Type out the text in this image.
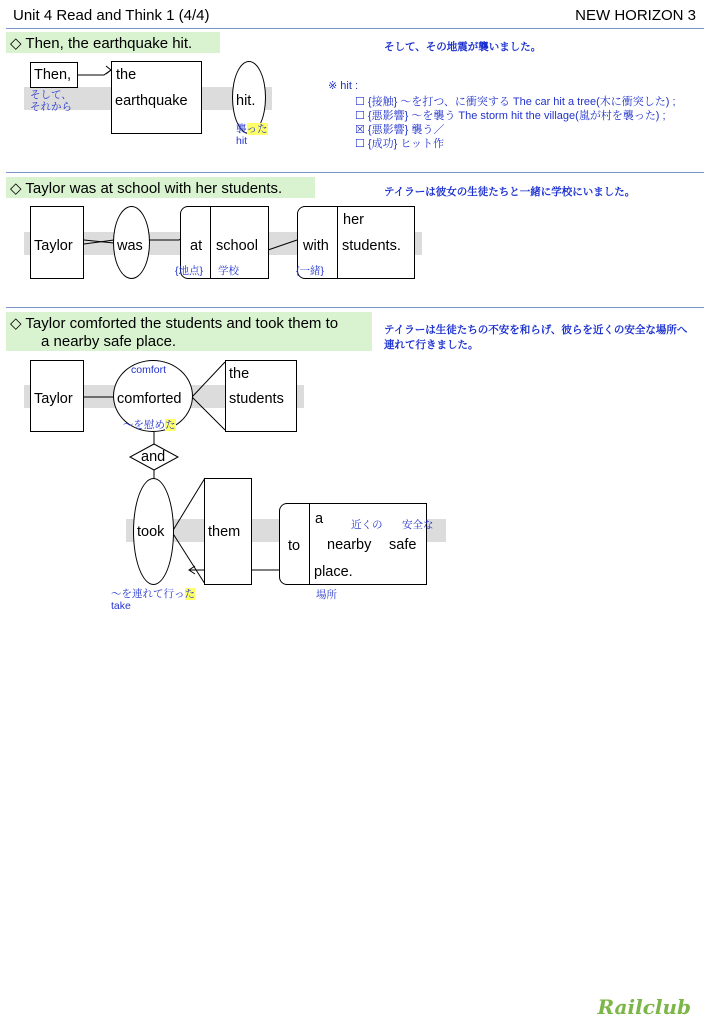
Unit 4 Read and Think 1 (4/4)	NEW HORIZON 3
◇ Then, the earthquake hit.	そして、その地震が襲いました。
Then,
そして、
それから
the
earthquake	hit.
襲った
hit
※ hit :
☐ {接触} ～を打つ、に衝突する The car hit a tree(木に衝突した) ;
☐ {悪影響} ～を襲う The storm hit the village(嵐が村を襲った) ;
☒ {悪影響} 襲う／
☐ {成功} ヒット作
◇ Taylor was at school with her students.	テイラーは彼女の生徒たちと一緒に学校にいました。
Taylor	was	at school
{地点} 学校
with
her
students.
{一緒}
◇ Taylor comforted the students and took them to
a nearby safe place.
テイラーは生徒たちの不安を和らげ、彼らを近くの安全な場所へ
連れて行きました。
Taylor
comfort
comforted
～を慰めた
the
students
and
took	them
to
a	近くの 安全な
nearby safe
place.
場所
～を連れて行った
take
Railclub
